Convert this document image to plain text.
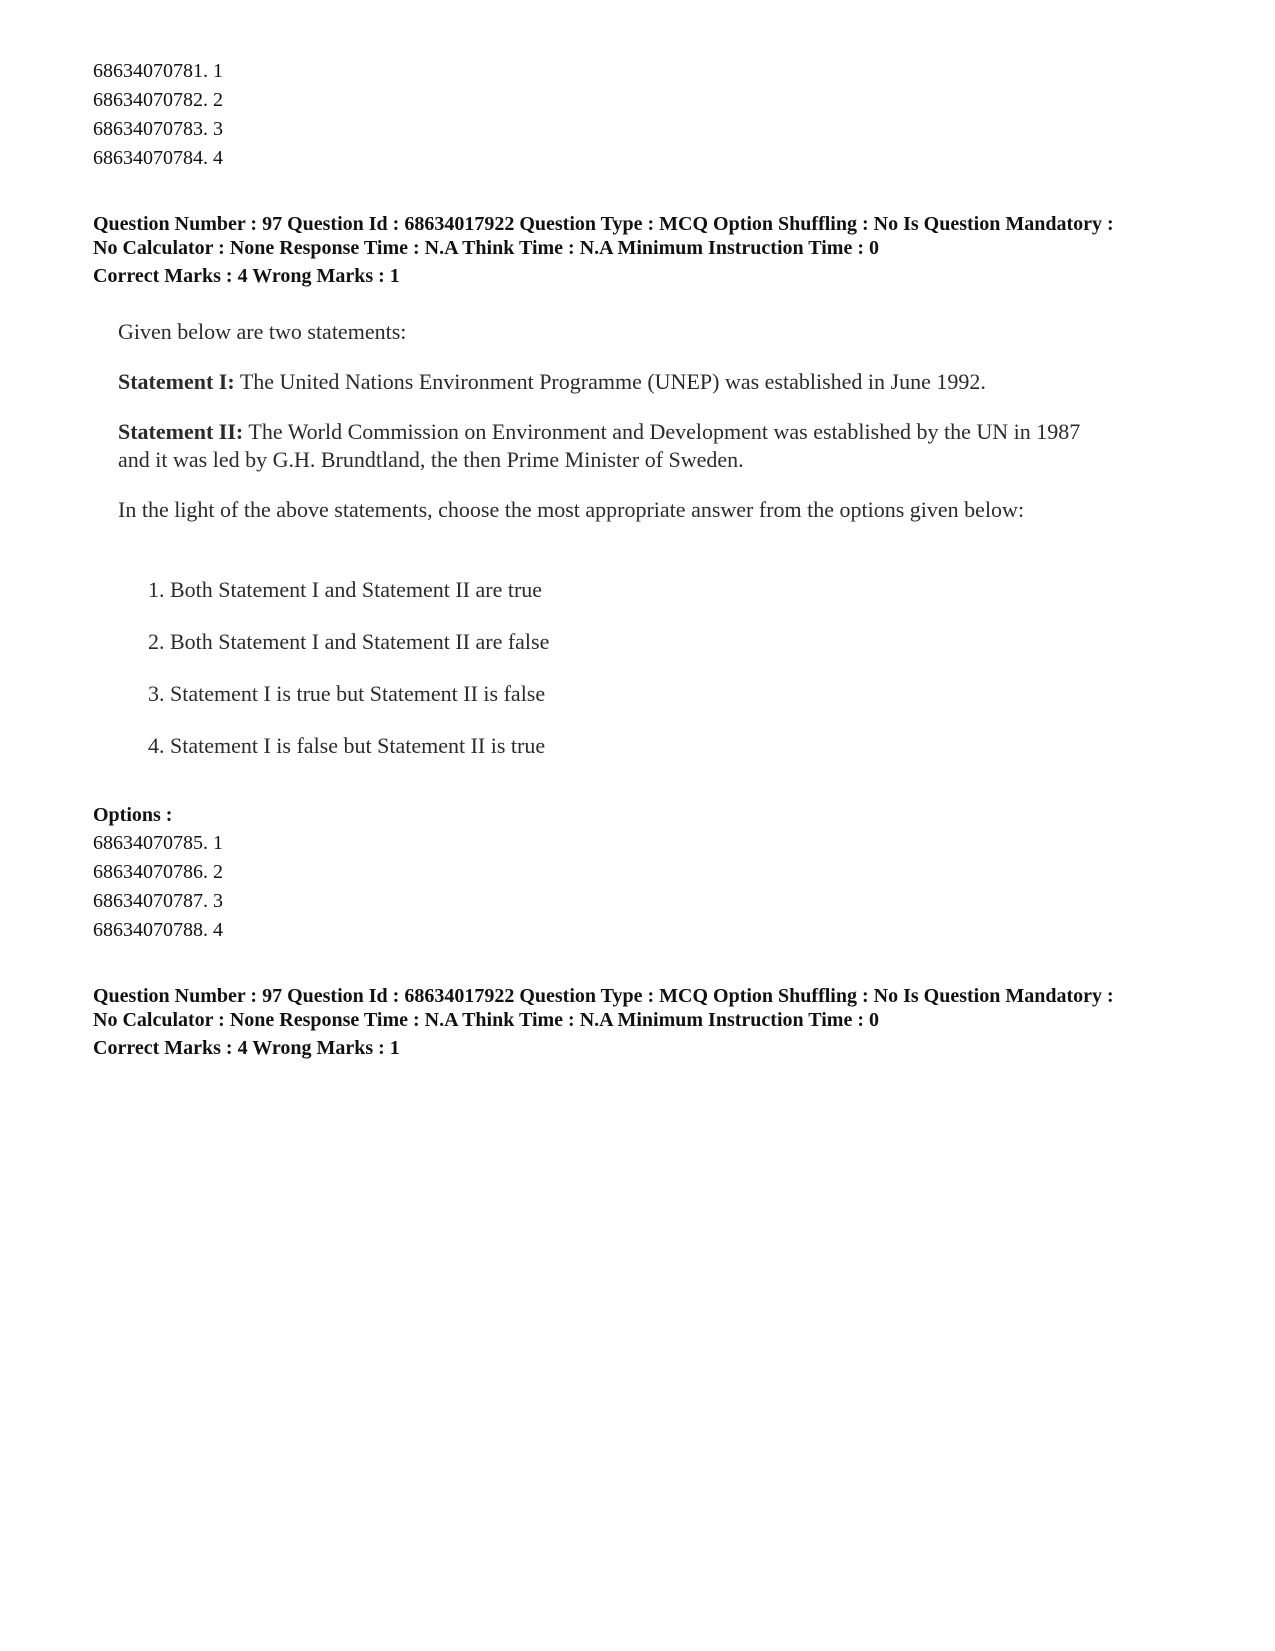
68634070781. 1
68634070782. 2
68634070783. 3
68634070784. 4
Question Number : 97 Question Id : 68634017922 Question Type : MCQ Option Shuffling : No Is Question Mandatory :
No Calculator : None Response Time : N.A Think Time : N.A Minimum Instruction Time : 0
Correct Marks : 4 Wrong Marks : 1

Given below are two statements:

Statement I: The United Nations Environment Programme (UNEP) was established in June 1992.

Statement II: The World Commission on Environment and Development was established by the UN in 1987
and it was led by G.H. Brundtland, the then Prime Minister of Sweden.

In the light of the above statements, choose the most appropriate answer from the options given below:

1. Both Statement I and Statement II are true
2. Both Statement I and Statement II are false
3. Statement I is true but Statement II is false
4. Statement I is false but Statement II is true
Options :
68634070785. 1
68634070786. 2
68634070787. 3
68634070788. 4
Question Number : 97 Question Id : 68634017922 Question Type : MCQ Option Shuffling : No Is Question Mandatory :
No Calculator : None Response Time : N.A Think Time : N.A Minimum Instruction Time : 0
Correct Marks : 4 Wrong Marks : 1
